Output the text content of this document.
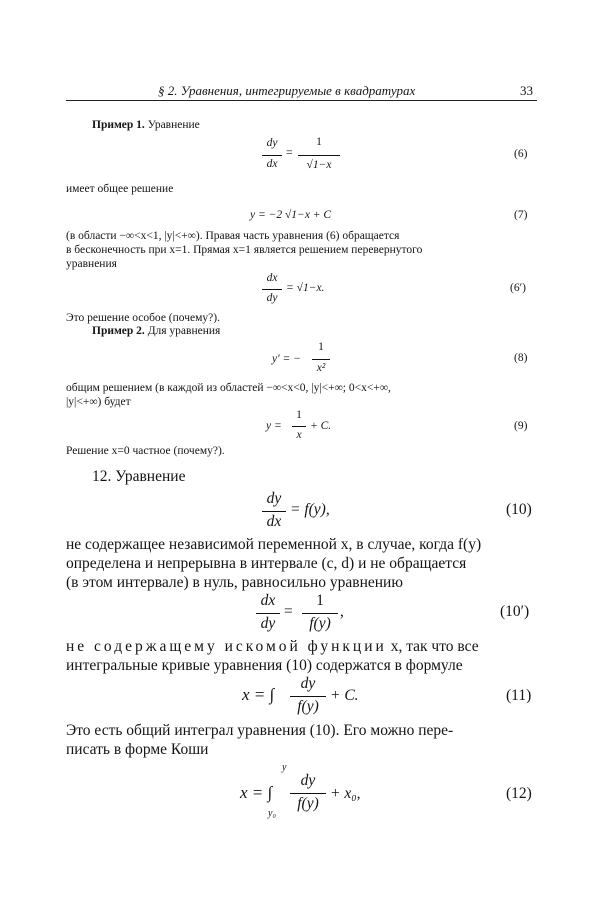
§ 2. Уравнения, интегрируемые в квадратурах	33
Пример 1. Уравнение
dy
dx
=
1
√1−x
(6)
имеет общее решение
y = −2 √1−x + C	(7)
(в области −∞<x<1, |y|<+∞). Правая часть уравнения (6) обращается
в бесконечность при x=1. Прямая x=1 является решением перевернутого
уравнения
dx
dy
= √1−x.	(6′)
Это решение особое (почему?).
Пример 2. Для уравнения
y′ = −
1
x²
(8)
общим решением (в каждой из областей −∞<x<0, |y|<+∞; 0<x<+∞,
|y|<+∞) будет
y =
1
x
+ C.	(9)
Решение x=0 частное (почему?).
12. Уравнение
dy
dx
= f(y),	(10)
не содержащее независимой переменной x, в случае, когда f(y)
определена и непрерывна в интервале (c, d) и не обращается
(в этом интервале) в нуль, равносильно уравнению
dx
dy
=
1
f(y)
,	(10′)
не содержащему искомой функции x, так что все
интегральные кривые уравнения (10) содержатся в формуле
x = ∫
dy
f(y)
+ C.	(11)
Это есть общий интеграл уравнения (10). Его можно пере-
писать в форме Коши
x = ∫
y
y₀
dy
f(y)
+ x₀,	(12)
